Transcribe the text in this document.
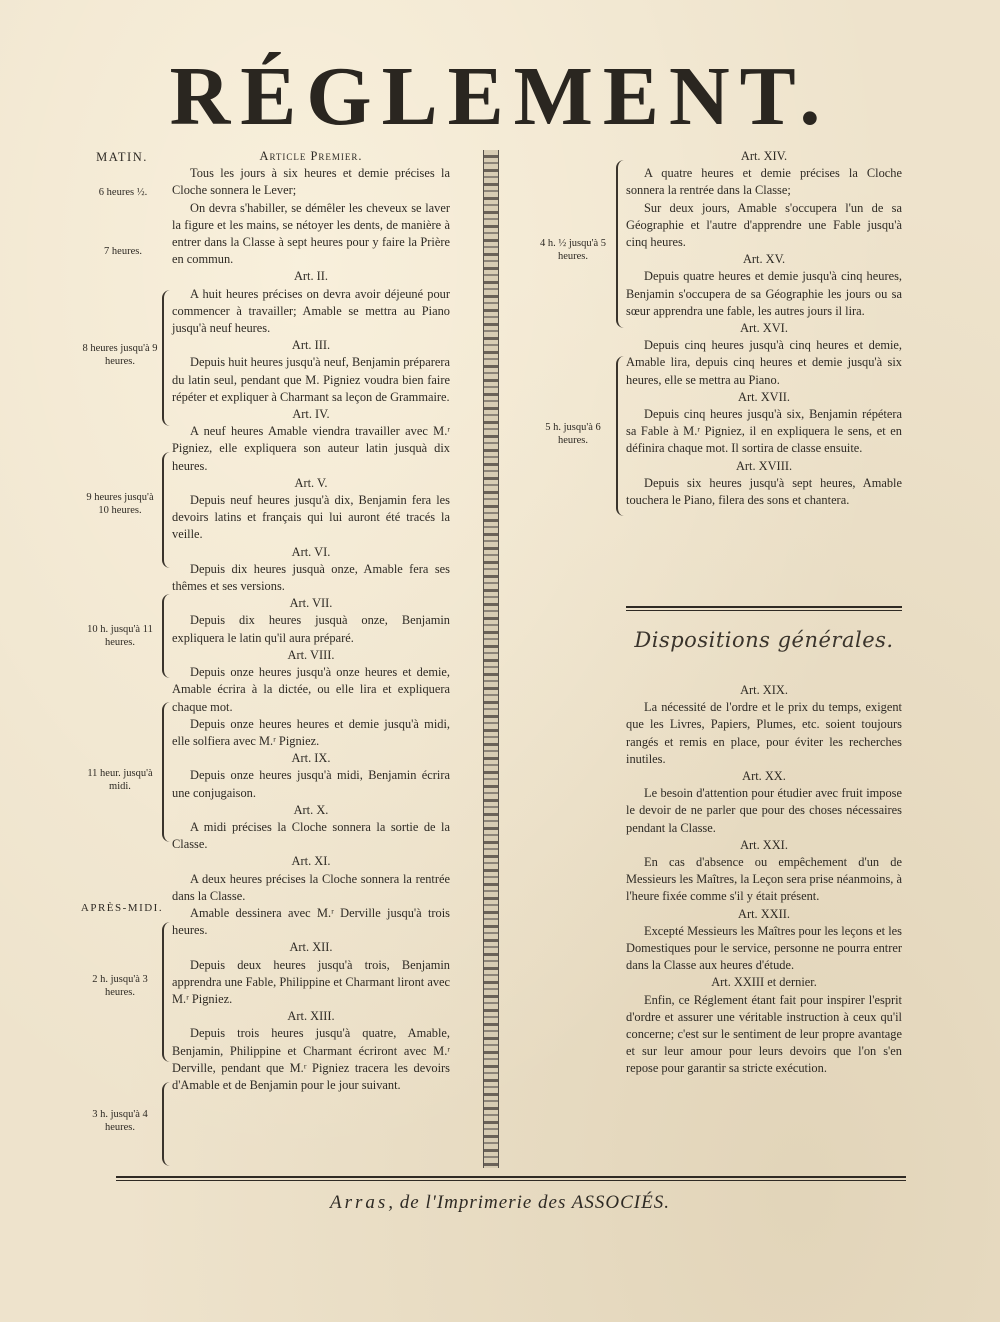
RÉGLEMENT.
MATIN.
6 heures ½.
7 heures.
8 heures jusqu'à 9 heures.
9 heures jusqu'à 10 heures.
10 h. jusqu'à 11 heures.
11 heur. jusqu'à midi.
APRÈS-MIDI.
2 h. jusqu'à 3 heures.
3 h. jusqu'à 4 heures.
4 h. ½ jusqu'à 5 heures.
5 h. jusqu'à 6 heures.
Article Premier.

Tous les jours à six heures et demie précises la Cloche sonnera le Lever;

On devra s'habiller, se démêler les cheveux se laver la figure et les mains, se nétoyer les dents, de manière à entrer dans la Classe à sept heures pour y faire la Prière en commun.

Art. II.

A huit heures précises on devra avoir déjeuné pour commencer à travailler; Amable se mettra au Piano jusqu'à neuf heures.

Art. III.

Depuis huit heures jusqu'à neuf, Benjamin préparera du latin seul, pendant que M. Pigniez voudra bien faire répéter et expliquer à Charmant sa leçon de Grammaire.

Art. IV.

A neuf heures Amable viendra travailler avec M.ʳ Pigniez, elle expliquera son auteur latin jusquà dix heures.

Art. V.

Depuis neuf heures jusqu'à dix, Benjamin fera les devoirs latins et français qui lui auront été tracés la veille.

Art. VI.

Depuis dix heures jusquà onze, Amable fera ses thêmes et ses versions.

Art. VII.

Depuis dix heures jusquà onze, Benjamin expliquera le latin qu'il aura préparé.

Art. VIII.

Depuis onze heures jusqu'à onze heures et demie, Amable écrira à la dictée, ou elle lira et expliquera chaque mot.

Depuis onze heures heures et demie jusqu'à midi, elle solfiera avec M.ʳ Pigniez.

Art. IX.

Depuis onze heures jusqu'à midi, Benjamin écrira une conjugaison.

Art. X.

A midi précises la Cloche sonnera la sortie de la Classe.

Art. XI.

A deux heures précises la Cloche sonnera la rentrée dans la Classe.

Amable dessinera avec M.ʳ Derville jusqu'à trois heures.

Art. XII.

Depuis deux heures jusqu'à trois, Benjamin apprendra une Fable, Philippine et Charmant liront avec M.ʳ Pigniez.

Art. XIII.

Depuis trois heures jusqu'à quatre, Amable, Benjamin, Philippine et Charmant écriront avec M.ʳ Derville, pendant que M.ʳ Pigniez tracera les devoirs d'Amable et de Benjamin pour le jour suivant.

Art. XIV.

A quatre heures et demie précises la Cloche sonnera la rentrée dans la Classe;

Sur deux jours, Amable s'occupera l'un de sa Géographie et l'autre d'apprendre une Fable jusqu'à cinq heures.

Art. XV.

Depuis quatre heures et demie jusqu'à cinq heures, Benjamin s'occupera de sa Géographie les jours ou sa sœur apprendra une fable, les autres jours il lira.

Art. XVI.

Depuis cinq heures jusqu'à cinq heures et demie, Amable lira, depuis cinq heures et demie jusqu'à six heures, elle se mettra au Piano.

Art. XVII.

Depuis cinq heures jusqu'à six, Benjamin répétera sa Fable à M.ʳ Pigniez, il en expliquera le sens, et en définira chaque mot. Il sortira de classe ensuite.

Art. XVIII.

Depuis six heures jusqu'à sept heures, Amable touchera le Piano, filera des sons et chantera.

Dispositions générales.
Art. XIX.

La nécessité de l'ordre et le prix du temps, exigent que les Livres, Papiers, Plumes, etc. soient toujours rangés et remis en place, pour éviter les recherches inutiles.

Art. XX.

Le besoin d'attention pour étudier avec fruit impose le devoir de ne parler que pour des choses nécessaires pendant la Classe.

Art. XXI.

En cas d'absence ou empêchement d'un de Messieurs les Maîtres, la Leçon sera prise néanmoins, à l'heure fixée comme s'il y était présent.

Art. XXII.

Excepté Messieurs les Maîtres pour les leçons et les Domestiques pour le service, personne ne pourra entrer dans la Classe aux heures d'étude.

Art. XXIII et dernier.

Enfin, ce Réglement étant fait pour inspirer l'esprit d'ordre et assurer une véritable instruction à ceux qu'il concerne; c'est sur le sentiment de leur propre avantage et sur leur amour pour leurs devoirs que l'on s'en repose pour garantir sa stricte exécution.

Arras, de l'Imprimerie des ASSOCIÉS.
